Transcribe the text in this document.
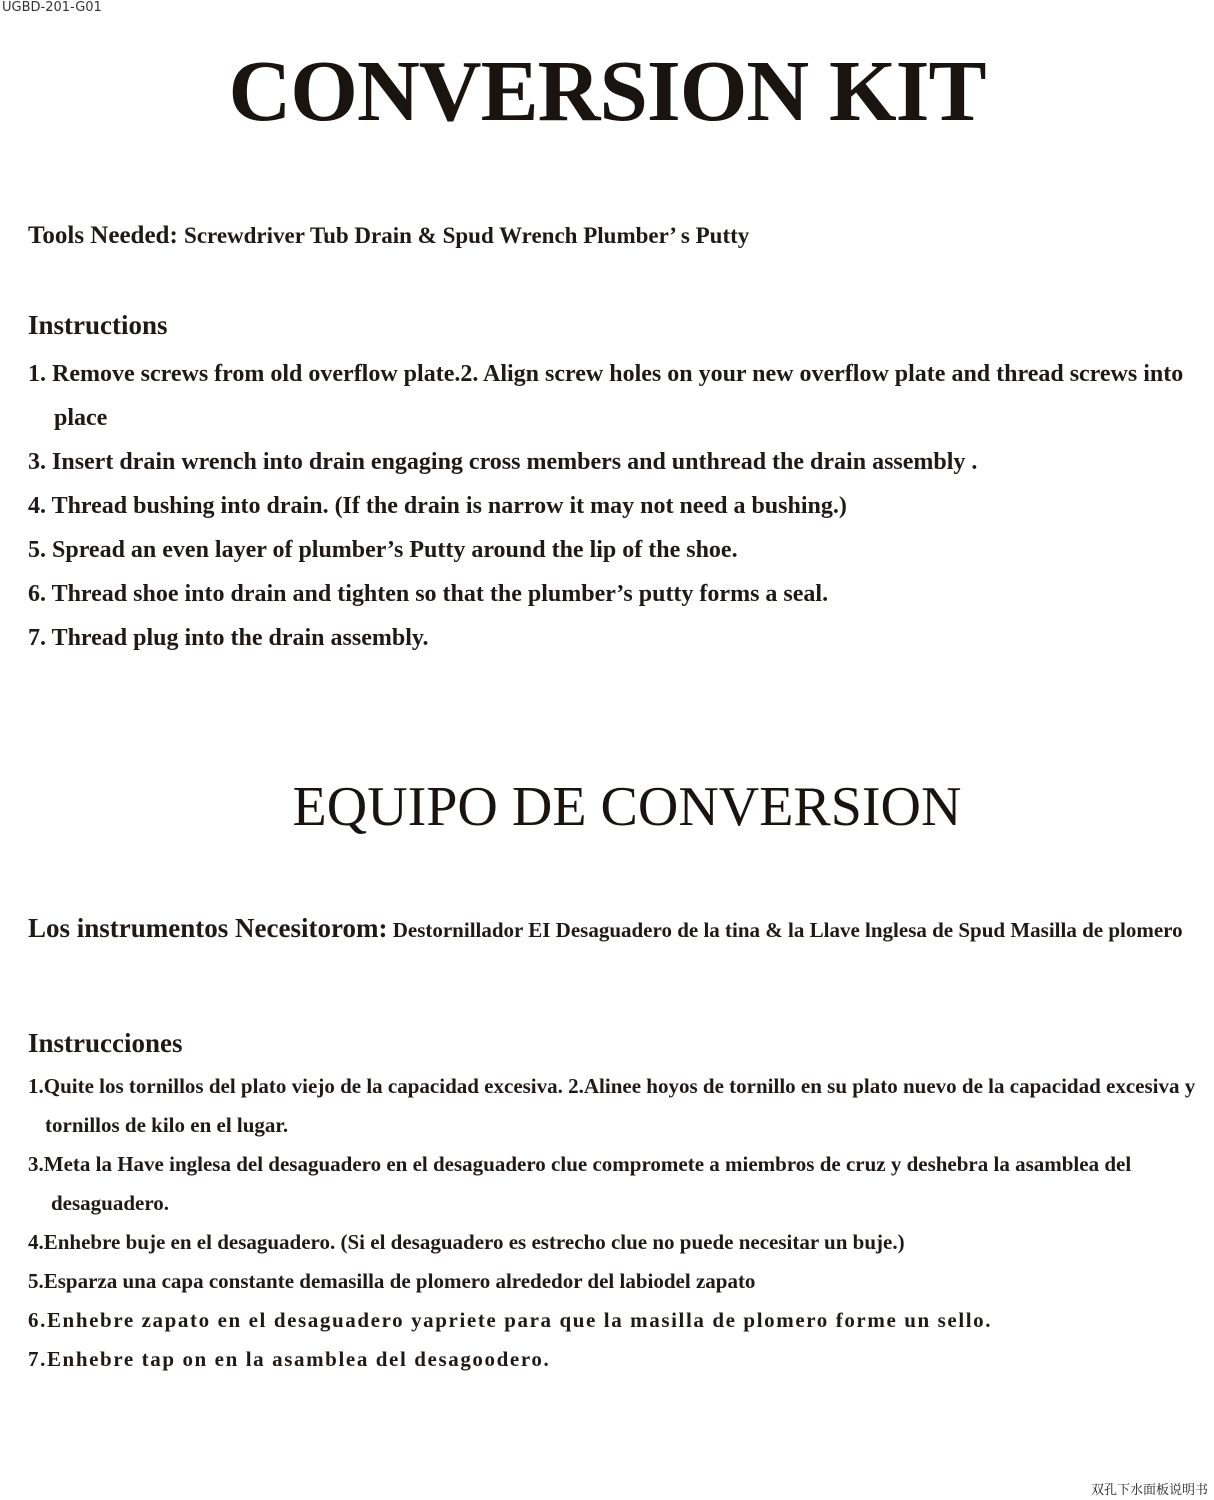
UGBD-201-G01
CONVERSION KIT
Tools Needed: Screwdriver Tub Drain & Spud Wrench Plumber’ s Putty
Instructions
1. Remove screws from old overflow plate.2. Align screw holes on your new overflow plate and thread screws into place
3. Insert drain wrench into drain engaging cross members and unthread the drain assembly .
4. Thread bushing into drain. (If the drain is narrow it may not need a bushing.)
5. Spread an even layer of plumber’s Putty around the lip of the shoe.
6. Thread shoe into drain and tighten so that the plumber’s putty forms a seal.
7. Thread plug into the drain assembly.
EQUIPO DE CONVERSION
Los instrumentos Necesitorom: Destornillador EI Desaguadero de la tina & la Llave lnglesa de Spud Masilla de plomero
Instrucciones
1.Quite los tornillos del plato viejo de la capacidad excesiva. 2.Alinee hoyos de tornillo en su plato nuevo de la capacidad excesiva y tornillos de kilo en el lugar.
3.Meta la Have inglesa del desaguadero en el desaguadero clue compromete a miembros de cruz y deshebra la asamblea del desaguadero.
4.Enhebre buje en el desaguadero. (Si el desaguadero es estrecho clue no puede necesitar un buje.)
5.Esparza una capa constante demasilla de plomero alrededor del labiodel zapato
6.Enhebre zapato en el desaguadero yapriete para que la masilla de plomero forme un sello.
7.Enhebre tap on en la asamblea del desagoodero.
双孔下水面板说明书
